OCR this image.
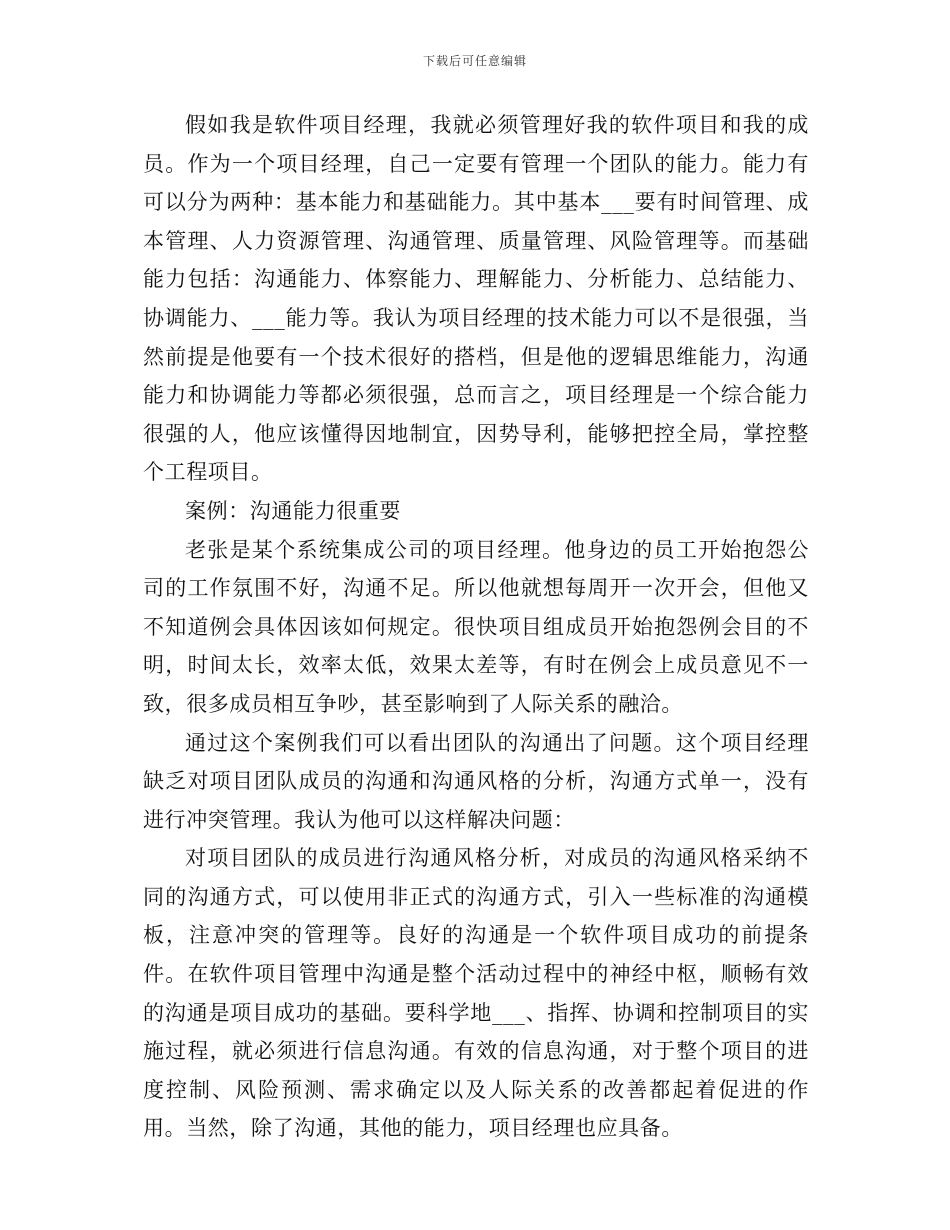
下载后可任意编辑

假如我是软件项目经理，我就必须管理好我的软件项目和我的成员。作为一个项目经理，自己一定要有管理一个团队的能力。能力有可以分为两种：基本能力和基础能力。其中基本___要有时间管理、成本管理、人力资源管理、沟通管理、质量管理、风险管理等。而基础能力包括：沟通能力、体察能力、理解能力、分析能力、总结能力、协调能力、___能力等。我认为项目经理的技术能力可以不是很强，当然前提是他要有一个技术很好的搭档，但是他的逻辑思维能力，沟通能力和协调能力等都必须很强，总而言之，项目经理是一个综合能力很强的人，他应该懂得因地制宜，因势导利，能够把控全局，掌控整个工程项目。

案例：沟通能力很重要

老张是某个系统集成公司的项目经理。他身边的员工开始抱怨公司的工作氛围不好，沟通不足。所以他就想每周开一次开会，但他又不知道例会具体因该如何规定。很快项目组成员开始抱怨例会目的不明，时间太长，效率太低，效果太差等，有时在例会上成员意见不一致，很多成员相互争吵，甚至影响到了人际关系的融洽。

通过这个案例我们可以看出团队的沟通出了问题。这个项目经理缺乏对项目团队成员的沟通和沟通风格的分析，沟通方式单一，没有进行冲突管理。我认为他可以这样解决问题：

对项目团队的成员进行沟通风格分析，对成员的沟通风格采纳不同的沟通方式，可以使用非正式的沟通方式，引入一些标准的沟通模板，注意冲突的管理等。良好的沟通是一个软件项目成功的前提条件。在软件项目管理中沟通是整个活动过程中的神经中枢，顺畅有效的沟通是项目成功的基础。要科学地___、指挥、协调和控制项目的实施过程，就必须进行信息沟通。有效的信息沟通，对于整个项目的进度控制、风险预测、需求确定以及人际关系的改善都起着促进的作用。当然，除了沟通，其他的能力，项目经理也应具备。
